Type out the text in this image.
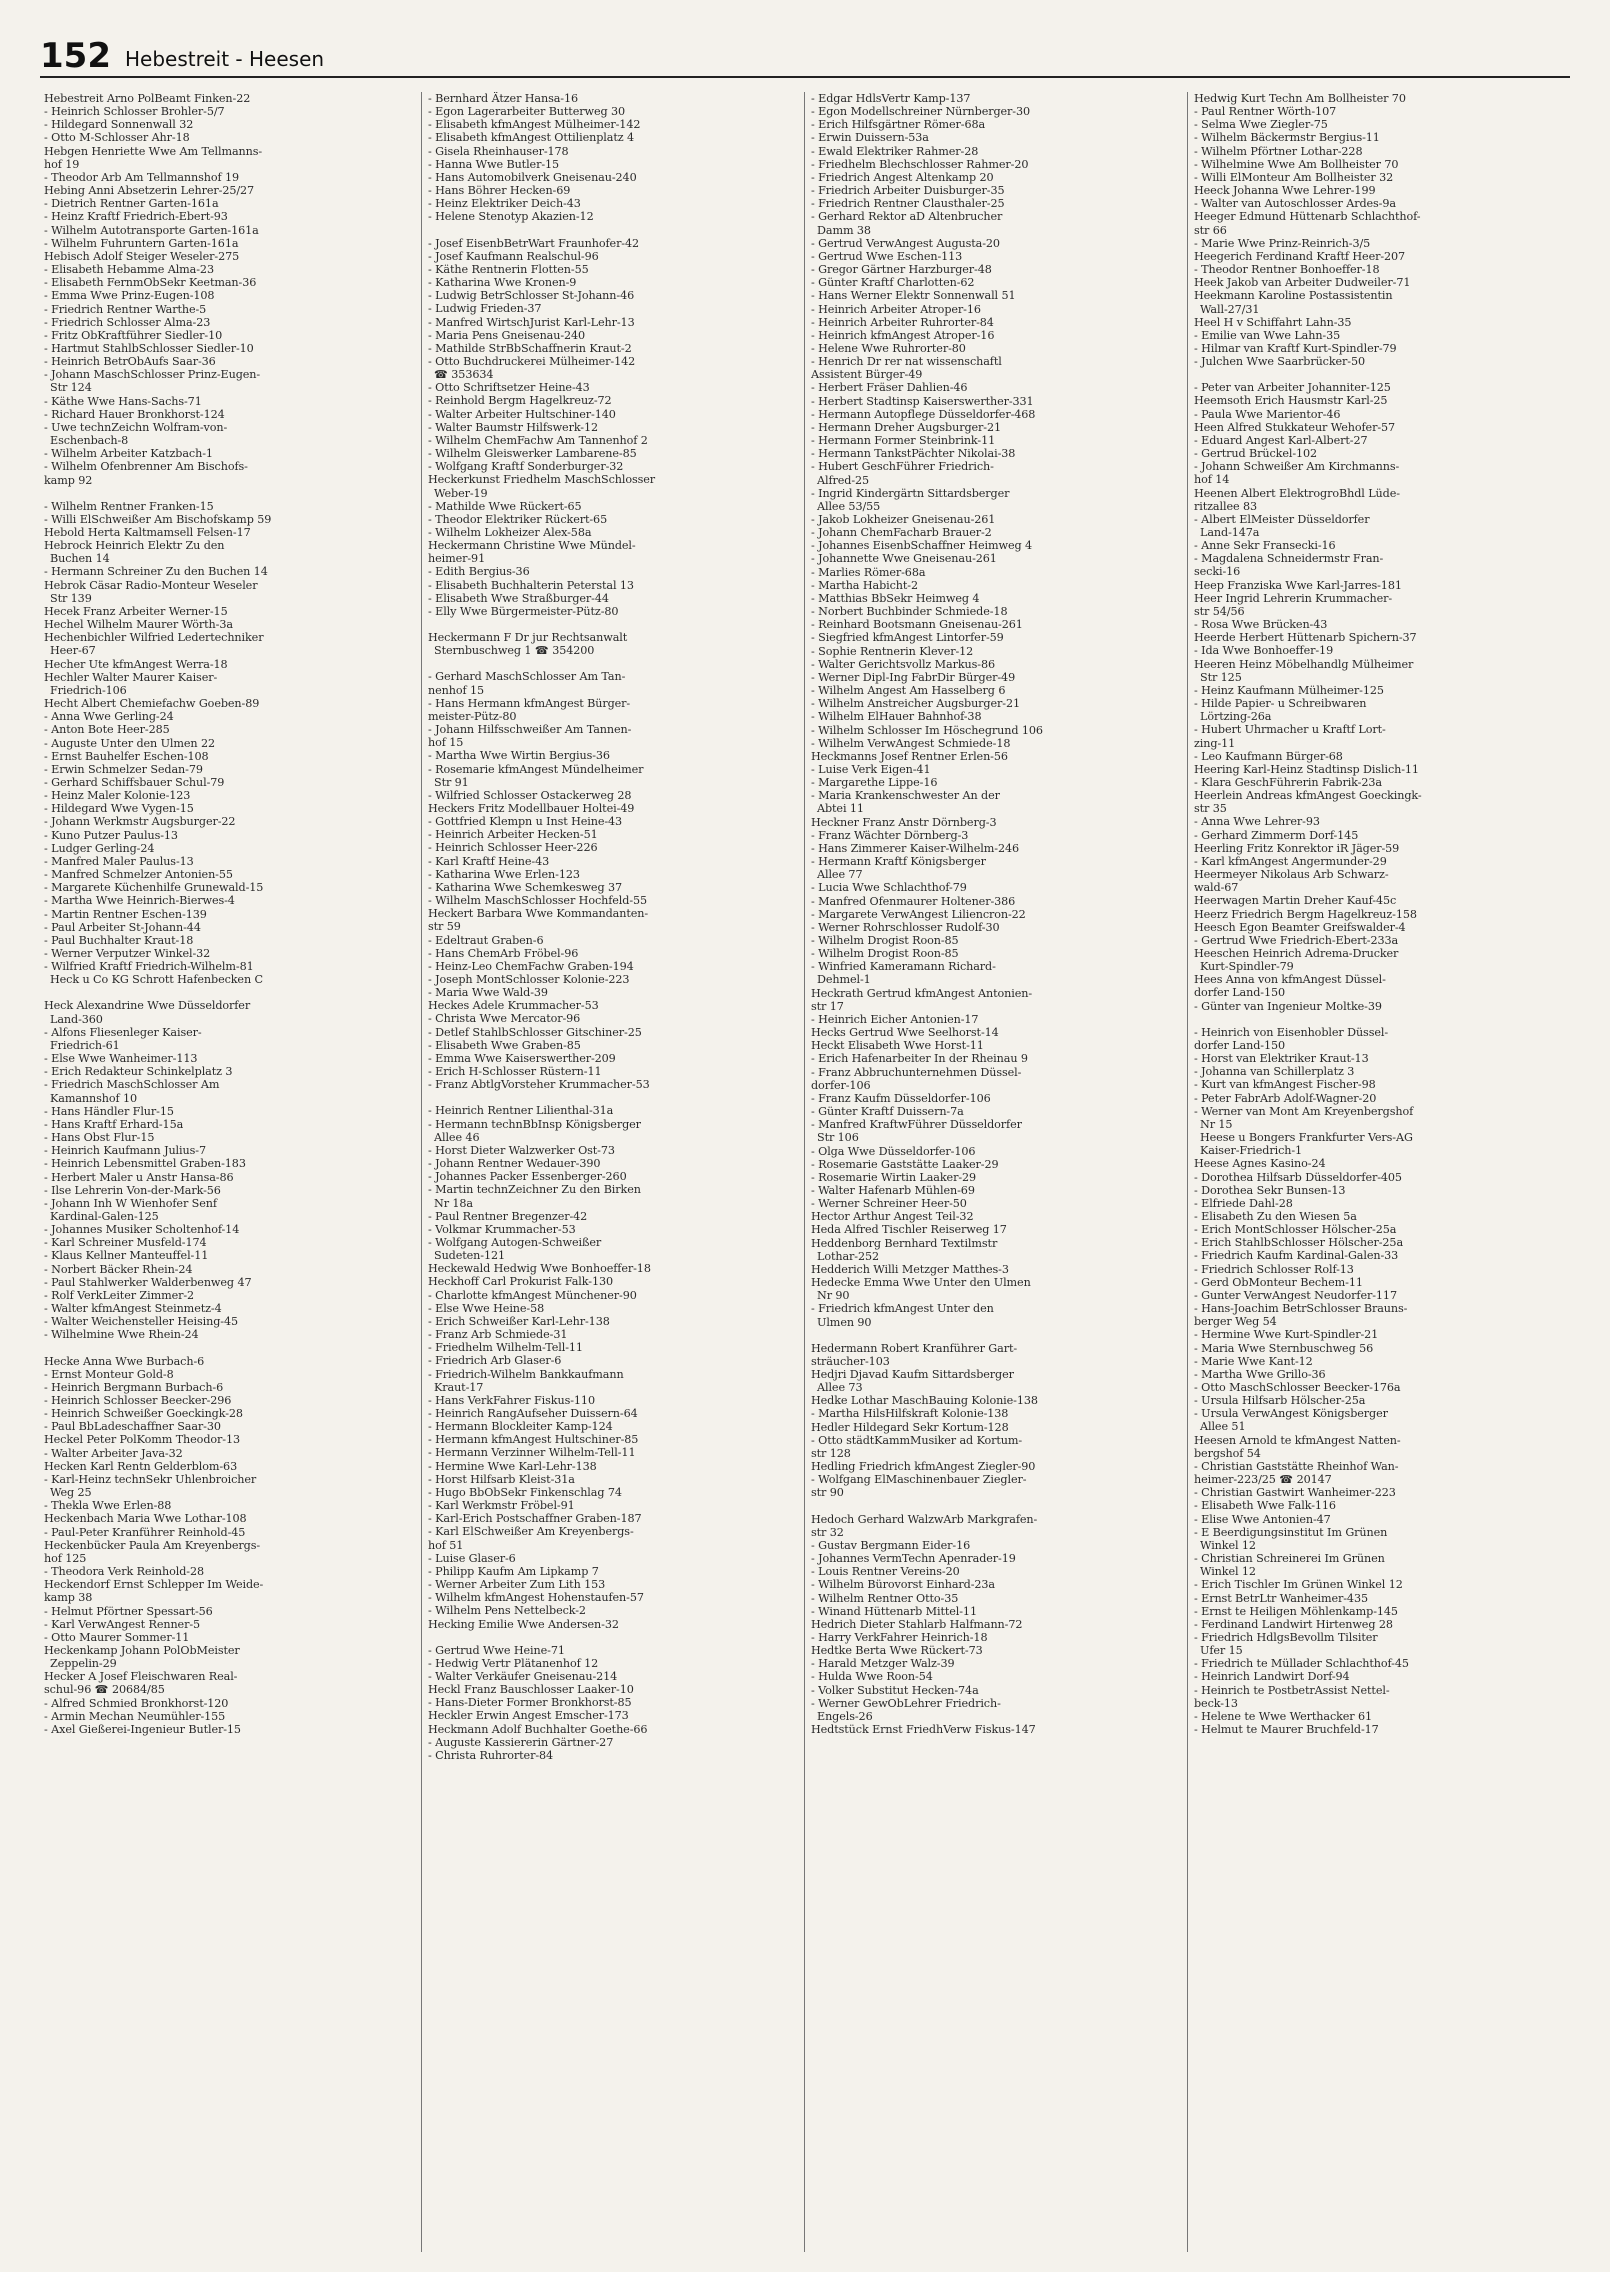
152 Hebestreit - Heesen
Hebestreit Arno PolBeamt Finken-22
- Heinrich Schlosser Brohler-5/7
- Hildegard Sonnenwall 32
- Otto M-Schlosser Ahr-18
Hebgen Henriette Wwe Am Tellmanns-
hof 19
- Theodor Arb Am Tellmannshof 19
Hebing Anni Absetzerin Lehrer-25/27
- Dietrich Rentner Garten-161a
- Heinz Kraftf Friedrich-Ebert-93
- Wilhelm Autotransporte Garten-161a
- Wilhelm Fuhruntern Garten-161a
Hebisch Adolf Steiger Weseler-275
- Elisabeth Hebamme Alma-23
- Elisabeth FernmObSekr Keetman-36
- Emma Wwe Prinz-Eugen-108
- Friedrich Rentner Warthe-5
- Friedrich Schlosser Alma-23
- Fritz ObKraftführer Siedler-10
- Hartmut StahlbSchlosser Siedler-10
- Heinrich BetrObAufs Saar-36
- Johann MaschSchlosser Prinz-Eugen-
Str 124
- Käthe Wwe Hans-Sachs-71
- Richard Hauer Bronkhorst-124
- Uwe technZeichn Wolfram-von-
Eschenbach-8
- Wilhelm Arbeiter Katzbach-1
- Wilhelm Ofenbrenner Am Bischofs-
kamp 92
- Wilhelm Rentner Franken-15
- Willi ElSchweißer Am Bischofskamp 59
Hebold Herta Kaltmamsell Felsen-17
Hebrock Heinrich Elektr Zu den
Buchen 14
- Hermann Schreiner Zu den Buchen 14
Hebrok Cäsar Radio-Monteur Weseler
Str 139
Hecek Franz Arbeiter Werner-15
Hechel Wilhelm Maurer Wörth-3a
Hechenbichler Wilfried Ledertechniker
Heer-67
Hecher Ute kfmAngest Werra-18
Hechler Walter Maurer Kaiser-
Friedrich-106
Hecht Albert Chemiefachw Goeben-89
- Anna Wwe Gerling-24
- Anton Bote Heer-285
- Auguste Unter den Ulmen 22
- Ernst Bauhelfer Eschen-108
- Erwin Schmelzer Sedan-79
- Gerhard Schiffsbauer Schul-79
- Heinz Maler Kolonie-123
- Hildegard Wwe Vygen-15
- Johann Werkmstr Augsburger-22
- Kuno Putzer Paulus-13
- Ludger Gerling-24
- Manfred Maler Paulus-13
- Manfred Schmelzer Antonien-55
- Margarete Küchenhilfe Grunewald-15
- Martha Wwe Heinrich-Bierwes-4
- Martin Rentner Eschen-139
- Paul Arbeiter St-Johann-44
- Paul Buchhalter Kraut-18
- Werner Verputzer Winkel-32
- Wilfried Kraftf Friedrich-Wilhelm-81
Heck u Co KG Schrott Hafenbecken C
Heck Alexandrine Wwe Düsseldorfer
Land-360
- Alfons Fliesenleger Kaiser-
Friedrich-61
- Else Wwe Wanheimer-113
- Erich Redakteur Schinkelplatz 3
- Friedrich MaschSchlosser Am
Kamannshof 10
- Hans Händler Flur-15
- Hans Kraftf Erhard-15a
- Hans Obst Flur-15
- Heinrich Kaufmann Julius-7
- Heinrich Lebensmittel Graben-183
- Herbert Maler u Anstr Hansa-86
- Ilse Lehrerin Von-der-Mark-56
- Johann Inh W Wienhofer Senf
Kardinal-Galen-125
- Johannes Musiker Scholtenhof-14
- Karl Schreiner Musfeld-174
- Klaus Kellner Manteuffel-11
- Norbert Bäcker Rhein-24
- Paul Stahlwerker Walderbenweg 47
- Rolf VerkLeiter Zimmer-2
- Walter kfmAngest Steinmetz-4
- Walter Weichensteller Heising-45
- Wilhelmine Wwe Rhein-24
Hecke Anna Wwe Burbach-6
- Ernst Monteur Gold-8
- Heinrich Bergmann Burbach-6
- Heinrich Schlosser Beecker-296
- Heinrich Schweißer Goeckingk-28
- Paul BbLadeschaffner Saar-30
Heckel Peter PolKomm Theodor-13
- Walter Arbeiter Java-32
Hecken Karl Rentn Gelderblom-63
- Karl-Heinz technSekr Uhlenbroicher
Weg 25
- Thekla Wwe Erlen-88
Heckenbach Maria Wwe Lothar-108
- Paul-Peter Kranführer Reinhold-45
Heckenbücker Paula Am Kreyenbergs-
hof 125
- Theodora Verk Reinhold-28
Heckendorf Ernst Schlepper Im Weide-
kamp 38
- Helmut Pförtner Spessart-56
- Karl VerwAngest Renner-5
- Otto Maurer Sommer-11
Heckenkamp Johann PolObMeister
Zeppelin-29
Hecker A Josef Fleischwaren Real-
schul-96 ☎ 20684/85
- Alfred Schmied Bronkhorst-120
- Armin Mechan Neumühler-155
- Axel Gießerei-Ingenieur Butler-15
- Bernhard Ätzer Hansa-16
- Egon Lagerarbeiter Butterweg 30
- Elisabeth kfmAngest Mülheimer-142
- Elisabeth kfmAngest Ottilienplatz 4
- Gisela Rheinhauser-178
- Hanna Wwe Butler-15
- Hans Automobilverk Gneisenau-240
- Hans Böhrer Hecken-69
- Heinz Elektriker Deich-43
- Helene Stenotyp Akazien-12
- Josef EisenbBetrWart Fraunhofer-42
- Josef Kaufmann Realschul-96
- Käthe Rentnerin Flotten-55
- Katharina Wwe Kronen-9
- Ludwig BetrSchlosser St-Johann-46
- Ludwig Frieden-37
- Manfred WirtschJurist Karl-Lehr-13
- Maria Pens Gneisenau-240
- Mathilde StrBbSchaffnerin Kraut-2
- Otto Buchdruckerei Mülheimer-142
☎ 353634
- Otto Schriftsetzer Heine-43
- Reinhold Bergm Hagelkreuz-72
- Walter Arbeiter Hultschiner-140
- Walter Baumstr Hilfswerk-12
- Wilhelm ChemFachw Am Tannenhof 2
- Wilhelm Gleiswerker Lambarene-85
- Wolfgang Kraftf Sonderburger-32
Heckerkunst Friedhelm MaschSchlosser
Weber-19
- Mathilde Wwe Rückert-65
- Theodor Elektriker Rückert-65
- Wilhelm Lokheizer Alex-58a
Heckermann Christine Wwe Mündel-
heimer-91
- Edith Bergius-36
- Elisabeth Buchhalterin Peterstal 13
- Elisabeth Wwe Straßburger-44
- Elly Wwe Bürgermeister-Pütz-80
Heckermann F Dr jur Rechtsanwalt
Sternbuschweg 1 ☎ 354200
- Gerhard MaschSchlosser Am Tan-
nenhof 15
- Hans Hermann kfmAngest Bürger-
meister-Pütz-80
- Johann Hilfsschweißer Am Tannen-
hof 15
- Martha Wwe Wirtin Bergius-36
- Rosemarie kfmAngest Mündelheimer
Str 91
- Wilfried Schlosser Ostackerweg 28
Heckers Fritz Modellbauer Holtei-49
- Gottfried Klempn u Inst Heine-43
- Heinrich Arbeiter Hecken-51
- Heinrich Schlosser Heer-226
- Karl Kraftf Heine-43
- Katharina Wwe Erlen-123
- Katharina Wwe Schemkesweg 37
- Wilhelm MaschSchlosser Hochfeld-55
Heckert Barbara Wwe Kommandanten-
str 59
- Edeltraut Graben-6
- Hans ChemArb Fröbel-96
- Heinz-Leo ChemFachw Graben-194
- Joseph MontSchlosser Kolonie-223
- Maria Wwe Wald-39
Heckes Adele Krummacher-53
- Christa Wwe Mercator-96
- Detlef StahlbSchlosser Gitschiner-25
- Elisabeth Wwe Graben-85
- Emma Wwe Kaiserswerther-209
- Erich H-Schlosser Rüstern-11
- Franz AbtlgVorsteher Krummacher-53
- Heinrich Rentner Lilienthal-31a
- Hermann technBbInsp Königsberger
Allee 46
- Horst Dieter Walzwerker Ost-73
- Johann Rentner Wedauer-390
- Johannes Packer Essenberger-260
- Martin technZeichner Zu den Birken
Nr 18a
- Paul Rentner Bregenzer-42
- Volkmar Krummacher-53
- Wolfgang Autogen-Schweißer
Sudeten-121
Heckewald Hedwig Wwe Bonhoeffer-18
Heckhoff Carl Prokurist Falk-130
- Charlotte kfmAngest Münchener-90
- Else Wwe Heine-58
- Erich Schweißer Karl-Lehr-138
- Franz Arb Schmiede-31
- Friedhelm Wilhelm-Tell-11
- Friedrich Arb Glaser-6
- Friedrich-Wilhelm Bankkaufmann
Kraut-17
- Hans VerkFahrer Fiskus-110
- Heinrich RangAufseher Duissern-64
- Hermann Blockleiter Kamp-124
- Hermann kfmAngest Hultschiner-85
- Hermann Verzinner Wilhelm-Tell-11
- Hermine Wwe Karl-Lehr-138
- Horst Hilfsarb Kleist-31a
- Hugo BbObSekr Finkenschlag 74
- Karl Werkmstr Fröbel-91
- Karl-Erich Postschaffner Graben-187
- Karl ElSchweißer Am Kreyenbergs-
hof 51
- Luise Glaser-6
- Philipp Kaufm Am Lipkamp 7
- Werner Arbeiter Zum Lith 153
- Wilhelm kfmAngest Hohenstaufen-57
- Wilhelm Pens Nettelbeck-2
Hecking Emilie Wwe Andersen-32
- Gertrud Wwe Heine-71
- Hedwig Vertr Plätanenhof 12
- Walter Verkäufer Gneisenau-214
Heckl Franz Bauschlosser Laaker-10
- Hans-Dieter Former Bronkhorst-85
Heckler Erwin Angest Emscher-173
Heckmann Adolf Buchhalter Goethe-66
- Auguste Kassiererin Gärtner-27
- Christa Ruhrorter-84
- Edgar HdlsVertr Kamp-137
- Egon Modellschreiner Nürnberger-30
- Erich Hilfsgärtner Römer-68a
- Erwin Duissern-53a
- Ewald Elektriker Rahmer-28
- Friedhelm Blechschlosser Rahmer-20
- Friedrich Angest Altenkamp 20
- Friedrich Arbeiter Duisburger-35
- Friedrich Rentner Clausthaler-25
- Gerhard Rektor aD Altenbrucher
Damm 38
- Gertrud VerwAngest Augusta-20
- Gertrud Wwe Eschen-113
- Gregor Gärtner Harzburger-48
- Günter Kraftf Charlotten-62
- Hans Werner Elektr Sonnenwall 51
- Heinrich Arbeiter Atroper-16
- Heinrich Arbeiter Ruhrorter-84
- Heinrich kfmAngest Atroper-16
- Helene Wwe Ruhrorter-80
- Henrich Dr rer nat wissenschaftl
Assistent Bürger-49
- Herbert Fräser Dahlien-46
- Herbert Stadtinsp Kaiserswerther-331
- Hermann Autopflege Düsseldorfer-468
- Hermann Dreher Augsburger-21
- Hermann Former Steinbrink-11
- Hermann TankstPächter Nikolai-38
- Hubert GeschFührer Friedrich-
Alfred-25
- Ingrid Kindergärtn Sittardsberger
Allee 53/55
- Jakob Lokheizer Gneisenau-261
- Johann ChemFacharb Brauer-2
- Johannes EisenbSchaffner Heimweg 4
- Johannette Wwe Gneisenau-261
- Marlies Römer-68a
- Martha Habicht-2
- Matthias BbSekr Heimweg 4
- Norbert Buchbinder Schmiede-18
- Reinhard Bootsmann Gneisenau-261
- Siegfried kfmAngest Lintorfer-59
- Sophie Rentnerin Klever-12
- Walter Gerichtsvollz Markus-86
- Werner Dipl-Ing FabrDir Bürger-49
- Wilhelm Angest Am Hasselberg 6
- Wilhelm Anstreicher Augsburger-21
- Wilhelm ElHauer Bahnhof-38
- Wilhelm Schlosser Im Höschegrund 106
- Wilhelm VerwAngest Schmiede-18
Heckmanns Josef Rentner Erlen-56
- Luise Verk Eigen-41
- Margarethe Lippe-16
- Maria Krankenschwester An der
Abtei 11
Heckner Franz Anstr Dörnberg-3
- Franz Wächter Dörnberg-3
- Hans Zimmerer Kaiser-Wilhelm-246
- Hermann Kraftf Königsberger
Allee 77
- Lucia Wwe Schlachthof-79
- Manfred Ofenmaurer Holtener-386
- Margarete VerwAngest Liliencron-22
- Werner Rohrschlosser Rudolf-30
- Wilhelm Drogist Roon-85
- Wilhelm Drogist Roon-85
- Winfried Kameramann Richard-
Dehmel-1
Heckrath Gertrud kfmAngest Antonien-
str 17
- Heinrich Eicher Antonien-17
Hecks Gertrud Wwe Seelhorst-14
Heckt Elisabeth Wwe Horst-11
- Erich Hafenarbeiter In der Rheinau 9
- Franz Abbruchunternehmen Düssel-
dorfer-106
- Franz Kaufm Düsseldorfer-106
- Günter Kraftf Duissern-7a
- Manfred KraftwFührer Düsseldorfer
Str 106
- Olga Wwe Düsseldorfer-106
- Rosemarie Gaststätte Laaker-29
- Rosemarie Wirtin Laaker-29
- Walter Hafenarb Mühlen-69
- Werner Schreiner Heer-50
Hector Arthur Angest Teil-32
Heda Alfred Tischler Reiserweg 17
Heddenborg Bernhard Textilmstr
Lothar-252
Hedderich Willi Metzger Matthes-3
Hedecke Emma Wwe Unter den Ulmen
Nr 90
- Friedrich kfmAngest Unter den
Ulmen 90
Hedermann Robert Kranführer Gart-
sträucher-103
Hedjri Djavad Kaufm Sittardsberger
Allee 73
Hedke Lothar MaschBauing Kolonie-138
- Martha HilsHilfskraft Kolonie-138
Hedler Hildegard Sekr Kortum-128
- Otto städtKammMusiker ad Kortum-
str 128
Hedling Friedrich kfmAngest Ziegler-90
- Wolfgang ElMaschinenbauer Ziegler-
str 90
Hedoch Gerhard WalzwArb Markgrafen-
str 32
- Gustav Bergmann Eider-16
- Johannes VermTechn Apenrader-19
- Louis Rentner Vereins-20
- Wilhelm Bürovorst Einhard-23a
- Wilhelm Rentner Otto-35
- Winand Hüttenarb Mittel-11
Hedrich Dieter Stahlarb Halfmann-72
- Harry VerkFahrer Heinrich-18
Hedtke Berta Wwe Rückert-73
- Harald Metzger Walz-39
- Hulda Wwe Roon-54
- Volker Substitut Hecken-74a
- Werner GewObLehrer Friedrich-
Engels-26
Hedtstück Ernst FriedhVerw Fiskus-147
Hedwig Kurt Techn Am Bollheister 70
- Paul Rentner Wörth-107
- Selma Wwe Ziegler-75
- Wilhelm Bäckermstr Bergius-11
- Wilhelm Pförtner Lothar-228
- Wilhelmine Wwe Am Bollheister 70
- Willi ElMonteur Am Bollheister 32
Heeck Johanna Wwe Lehrer-199
- Walter van Autoschlosser Ardes-9a
Heeger Edmund Hüttenarb Schlachthof-
str 66
- Marie Wwe Prinz-Reinrich-3/5
Heegerich Ferdinand Kraftf Heer-207
- Theodor Rentner Bonhoeffer-18
Heek Jakob van Arbeiter Dudweiler-71
Heekmann Karoline Postassistentin
Wall-27/31
Heel H v Schiffahrt Lahn-35
- Emilie van Wwe Lahn-35
- Hilmar van Kraftf Kurt-Spindler-79
- Julchen Wwe Saarbrücker-50
- Peter van Arbeiter Johanniter-125
Heemsoth Erich Hausmstr Karl-25
- Paula Wwe Marientor-46
Heen Alfred Stukkateur Wehofer-57
- Eduard Angest Karl-Albert-27
- Gertrud Brückel-102
- Johann Schweißer Am Kirchmanns-
hof 14
Heenen Albert ElektrogroBhdl Lüde-
ritzallee 83
- Albert ElMeister Düsseldorfer
Land-147a
- Anne Sekr Fransecki-16
- Magdalena Schneidermstr Fran-
secki-16
Heep Franziska Wwe Karl-Jarres-181
Heer Ingrid Lehrerin Krummacher-
str 54/56
- Rosa Wwe Brücken-43
Heerde Herbert Hüttenarb Spichern-37
- Ida Wwe Bonhoeffer-19
Heeren Heinz Möbelhandlg Mülheimer
Str 125
- Heinz Kaufmann Mülheimer-125
- Hilde Papier- u Schreibwaren
Lörtzing-26a
- Hubert Uhrmacher u Kraftf Lort-
zing-11
- Leo Kaufmann Bürger-68
Heering Karl-Heinz Stadtinsp Dislich-11
- Klara GeschFührerin Fabrik-23a
Heerlein Andreas kfmAngest Goeckingk-
str 35
- Anna Wwe Lehrer-93
- Gerhard Zimmerm Dorf-145
Heerling Fritz Konrektor iR Jäger-59
- Karl kfmAngest Angermunder-29
Heermeyer Nikolaus Arb Schwarz-
wald-67
Heerwagen Martin Dreher Kauf-45c
Heerz Friedrich Bergm Hagelkreuz-158
Heesch Egon Beamter Greifswalder-4
- Gertrud Wwe Friedrich-Ebert-233a
Heeschen Heinrich Adrema-Drucker
Kurt-Spindler-79
Hees Anna von kfmAngest Düssel-
dorfer Land-150
- Günter van Ingenieur Moltke-39
- Heinrich von Eisenhobler Düssel-
dorfer Land-150
- Horst van Elektriker Kraut-13
- Johanna van Schillerplatz 3
- Kurt van kfmAngest Fischer-98
- Peter FabrArb Adolf-Wagner-20
- Werner van Mont Am Kreyenbergshof
Nr 15
Heese u Bongers Frankfurter Vers-AG
Kaiser-Friedrich-1
Heese Agnes Kasino-24
- Dorothea Hilfsarb Düsseldorfer-405
- Dorothea Sekr Bunsen-13
- Elfriede Dahl-28
- Elisabeth Zu den Wiesen 5a
- Erich MontSchlosser Hölscher-25a
- Erich StahlbSchlosser Hölscher-25a
- Friedrich Kaufm Kardinal-Galen-33
- Friedrich Schlosser Rolf-13
- Gerd ObMonteur Bechem-11
- Gunter VerwAngest Neudorfer-117
- Hans-Joachim BetrSchlosser Brauns-
berger Weg 54
- Hermine Wwe Kurt-Spindler-21
- Maria Wwe Sternbuschweg 56
- Marie Wwe Kant-12
- Martha Wwe Grillo-36
- Otto MaschSchlosser Beecker-176a
- Ursula Hilfsarb Hölscher-25a
- Ursula VerwAngest Königsberger
Allee 51
Heesen Arnold te kfmAngest Natten-
bergshof 54
- Christian Gaststätte Rheinhof Wan-
heimer-223/25 ☎ 20147
- Christian Gastwirt Wanheimer-223
- Elisabeth Wwe Falk-116
- Elise Wwe Antonien-47
- E Beerdigungsinstitut Im Grünen
Winkel 12
- Christian Schreinerei Im Grünen
Winkel 12
- Erich Tischler Im Grünen Winkel 12
- Ernst BetrLtr Wanheimer-435
- Ernst te Heiligen Möhlenkamp-145
- Ferdinand Landwirt Hirtenweg 28
- Friedrich HdlgsBevollm Tilsiter
Ufer 15
- Friedrich te Müllader Schlachthof-45
- Heinrich Landwirt Dorf-94
- Heinrich te PostbetrAssist Nettel-
beck-13
- Helene te Wwe Werthacker 61
- Helmut te Maurer Bruchfeld-17
